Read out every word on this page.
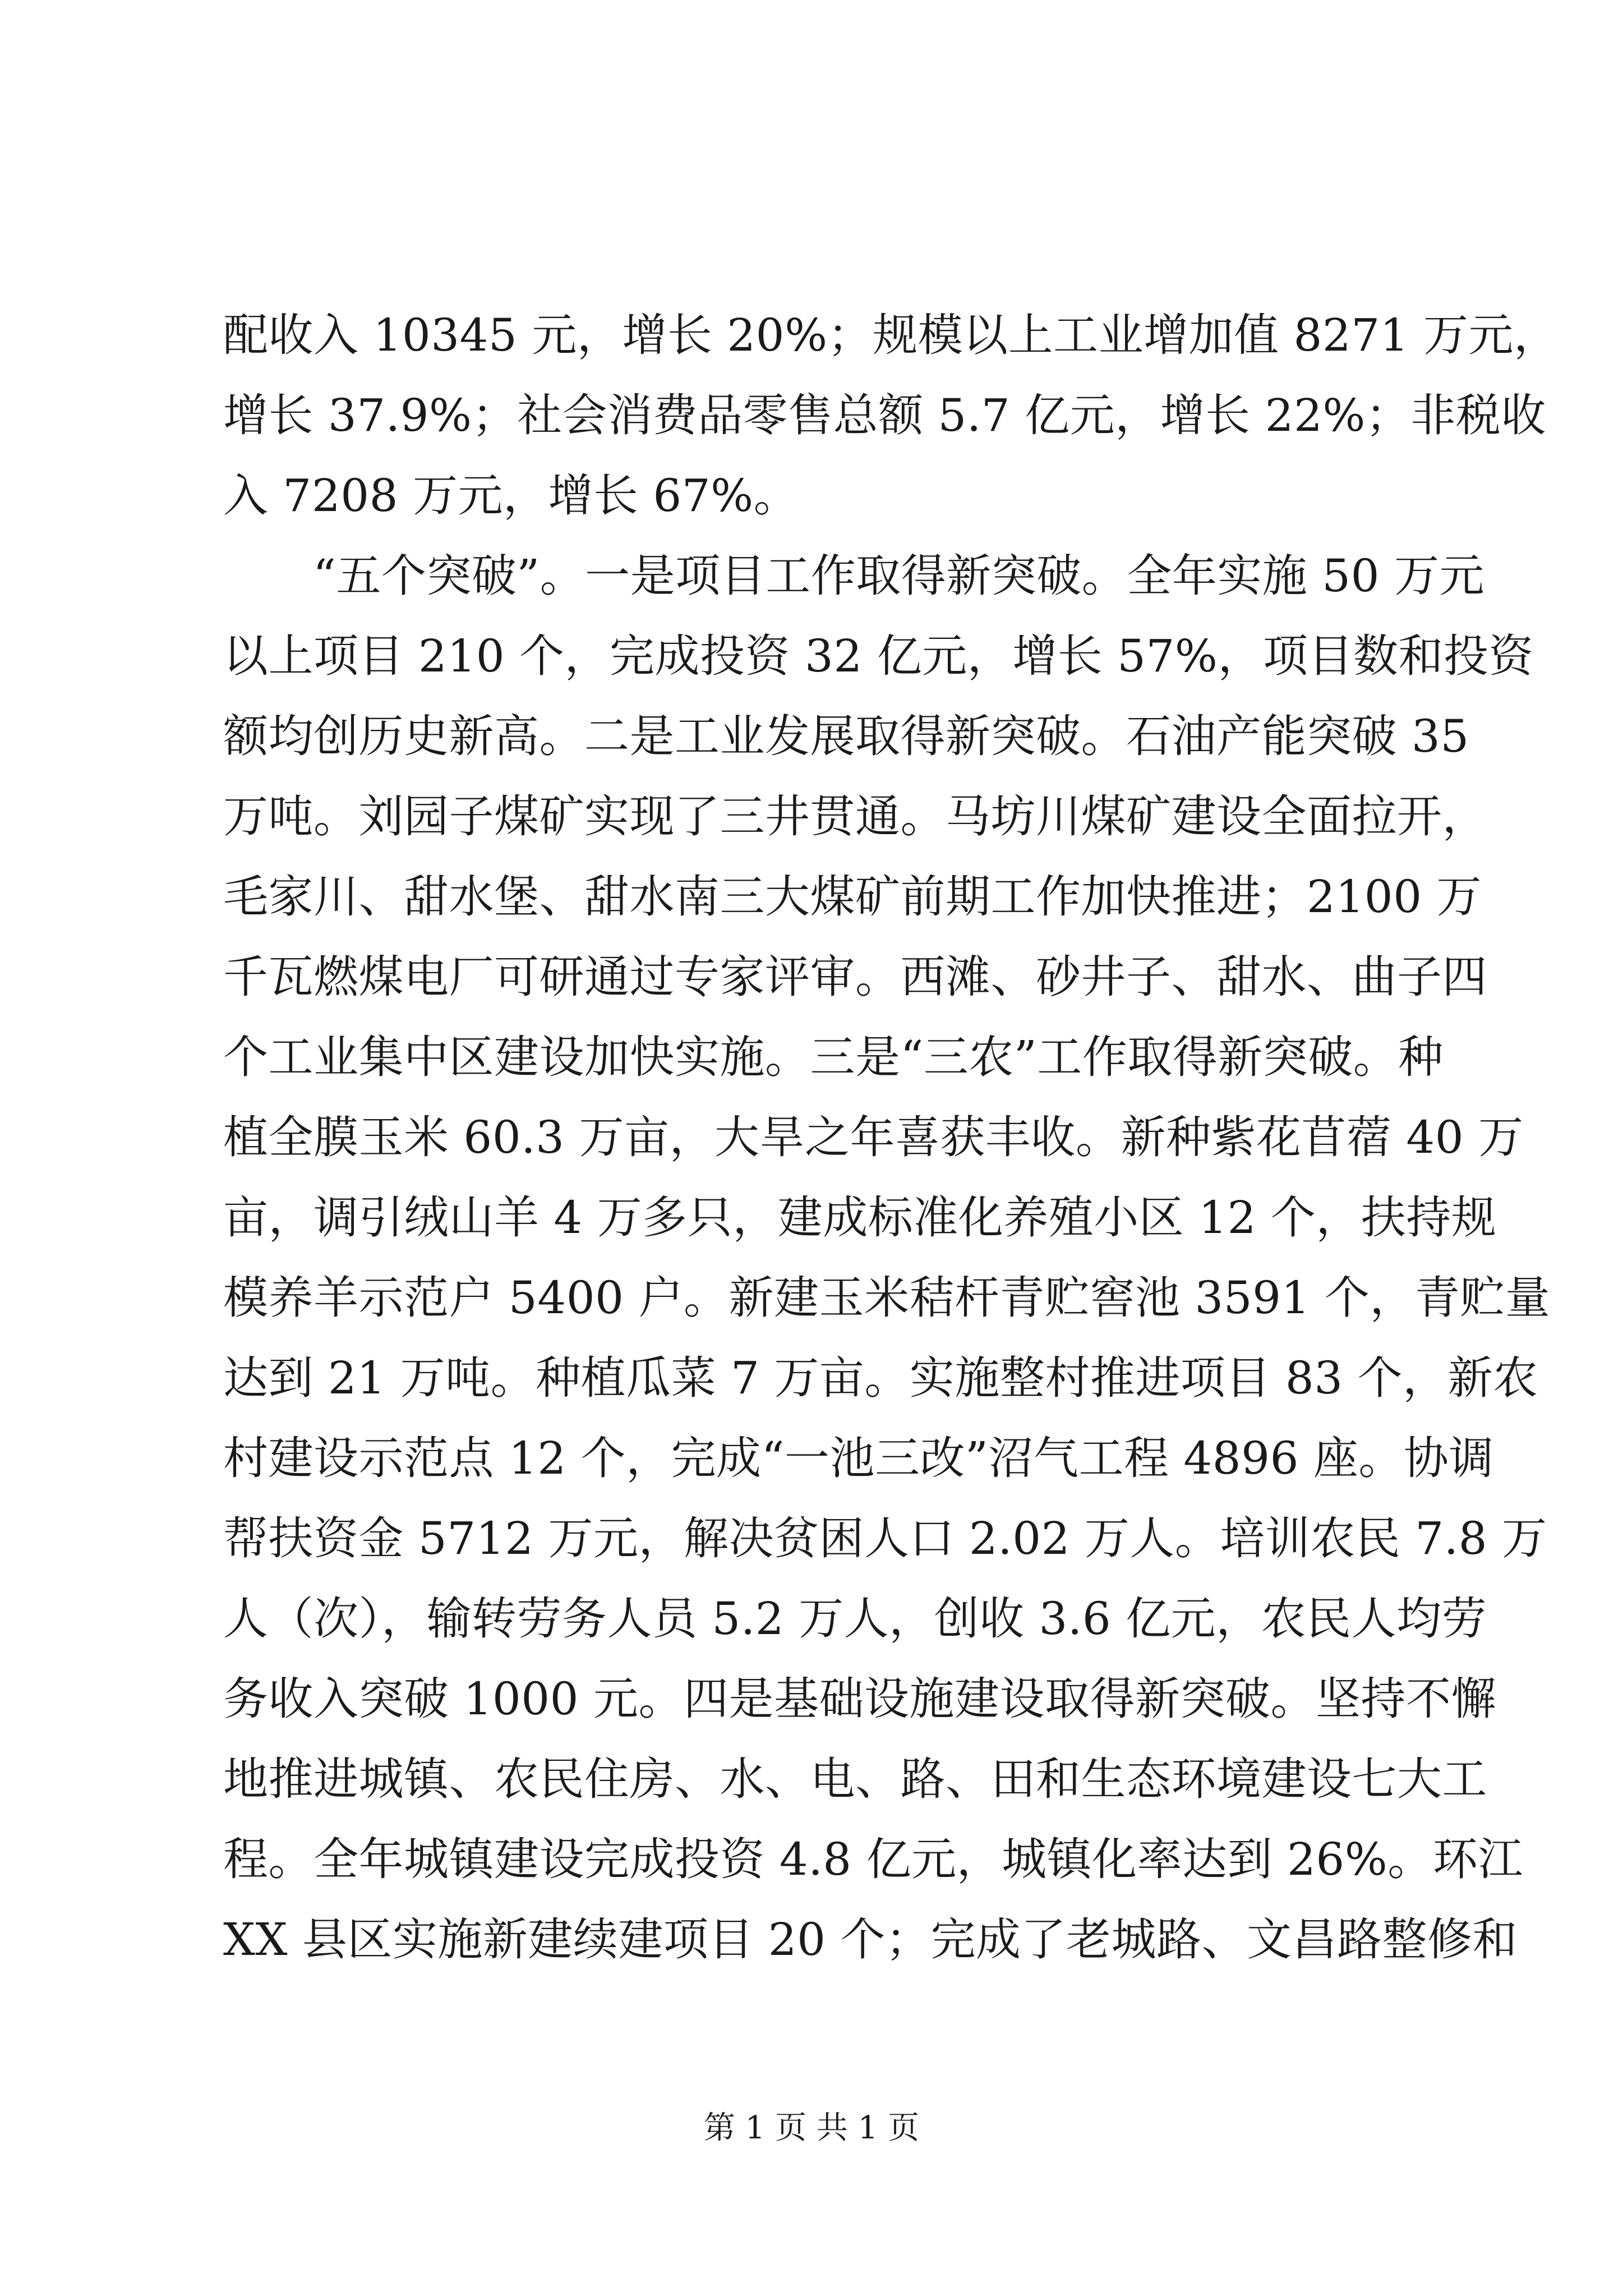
配收入 10345 元，增长 20%；规模以上工业增加值 8271 万元，
增长 37.9%；社会消费品零售总额 5.7 亿元，增长 22%；非税收
入 7208 万元，增长 67%。
“五个突破”。一是项目工作取得新突破。全年实施 50 万元
以上项目 210 个，完成投资 32 亿元，增长 57%，项目数和投资
额均创历史新高。二是工业发展取得新突破。石油产能突破 35
万吨。刘园子煤矿实现了三井贯通。马坊川煤矿建设全面拉开，
毛家川、甜水堡、甜水南三大煤矿前期工作加快推进；2100 万
千瓦燃煤电厂可研通过专家评审。西滩、砂井子、甜水、曲子四
个工业集中区建设加快实施。三是“三农”工作取得新突破。种
植全膜玉米 60.3 万亩，大旱之年喜获丰收。新种紫花苜蓿 40 万
亩，调引绒山羊 4 万多只，建成标准化养殖小区 12 个，扶持规
模养羊示范户 5400 户。新建玉米秸杆青贮窖池 3591 个，青贮量
达到 21 万吨。种植瓜菜 7 万亩。实施整村推进项目 83 个，新农
村建设示范点 12 个，完成“一池三改”沼气工程 4896 座。协调
帮扶资金 5712 万元，解决贫困人口 2.02 万人。培训农民 7.8 万
人（次），输转劳务人员 5.2 万人，创收 3.6 亿元，农民人均劳
务收入突破 1000 元。四是基础设施建设取得新突破。坚持不懈
地推进城镇、农民住房、水、电、路、田和生态环境建设七大工
程。全年城镇建设完成投资 4.8 亿元，城镇化率达到 26%。环江
XX 县区实施新建续建项目 20 个；完成了老城路、文昌路整修和
第 1 页 共 1 页
